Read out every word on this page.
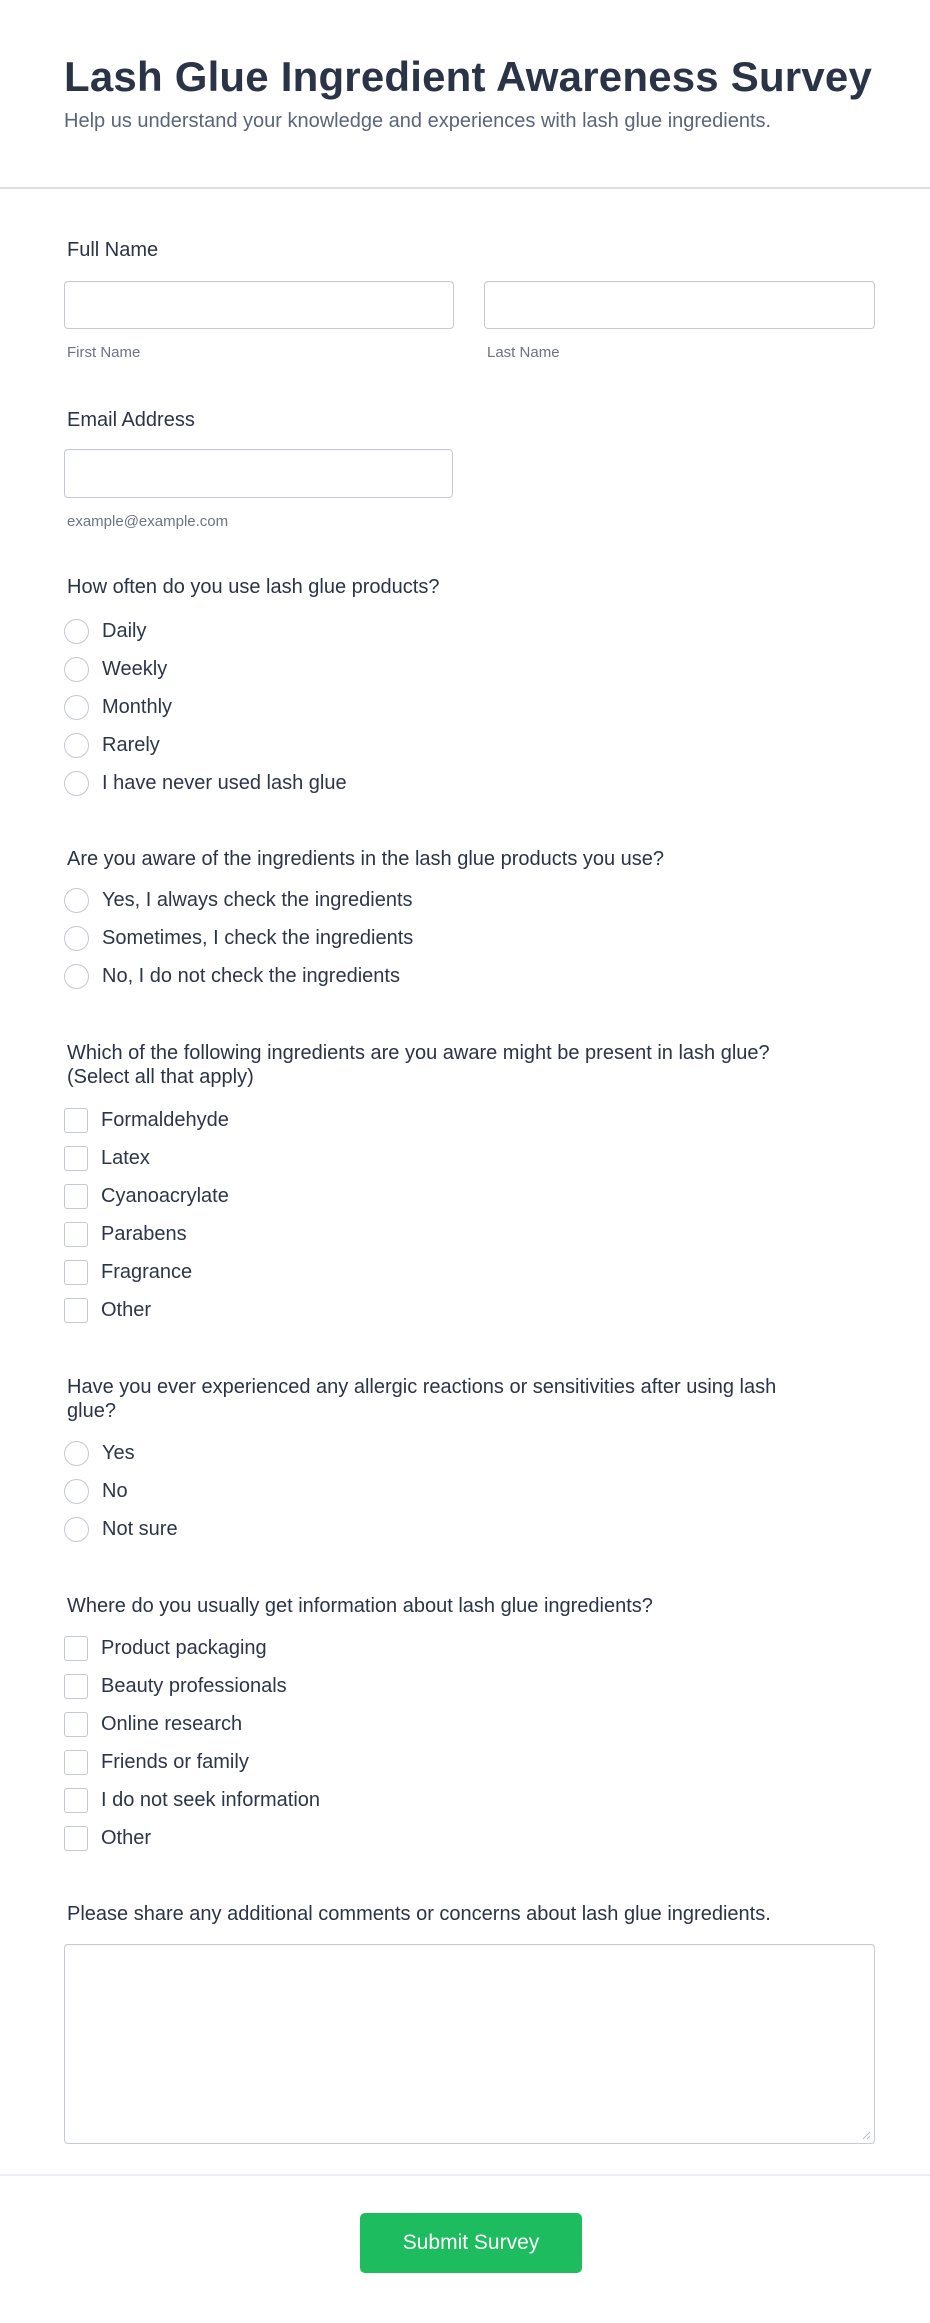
Lash Glue Ingredient Awareness Survey

Help us understand your knowledge and experiences with lash glue ingredients.

Full Name
First Name	Last Name
Email Address
example@example.com
How often do you use lash glue products?
Daily
Weekly
Monthly
Rarely
I have never used lash glue
Are you aware of the ingredients in the lash glue products you use?
Yes, I always check the ingredients
Sometimes, I check the ingredients
No, I do not check the ingredients
Which of the following ingredients are you aware might be present in lash glue?
(Select all that apply)
Formaldehyde
Latex
Cyanoacrylate
Parabens
Fragrance
Other
Have you ever experienced any allergic reactions or sensitivities after using lash
glue?
Yes
No
Not sure
Where do you usually get information about lash glue ingredients?
Product packaging
Beauty professionals
Online research
Friends or family
I do not seek information
Other
Please share any additional comments or concerns about lash glue ingredients.
Submit Survey
